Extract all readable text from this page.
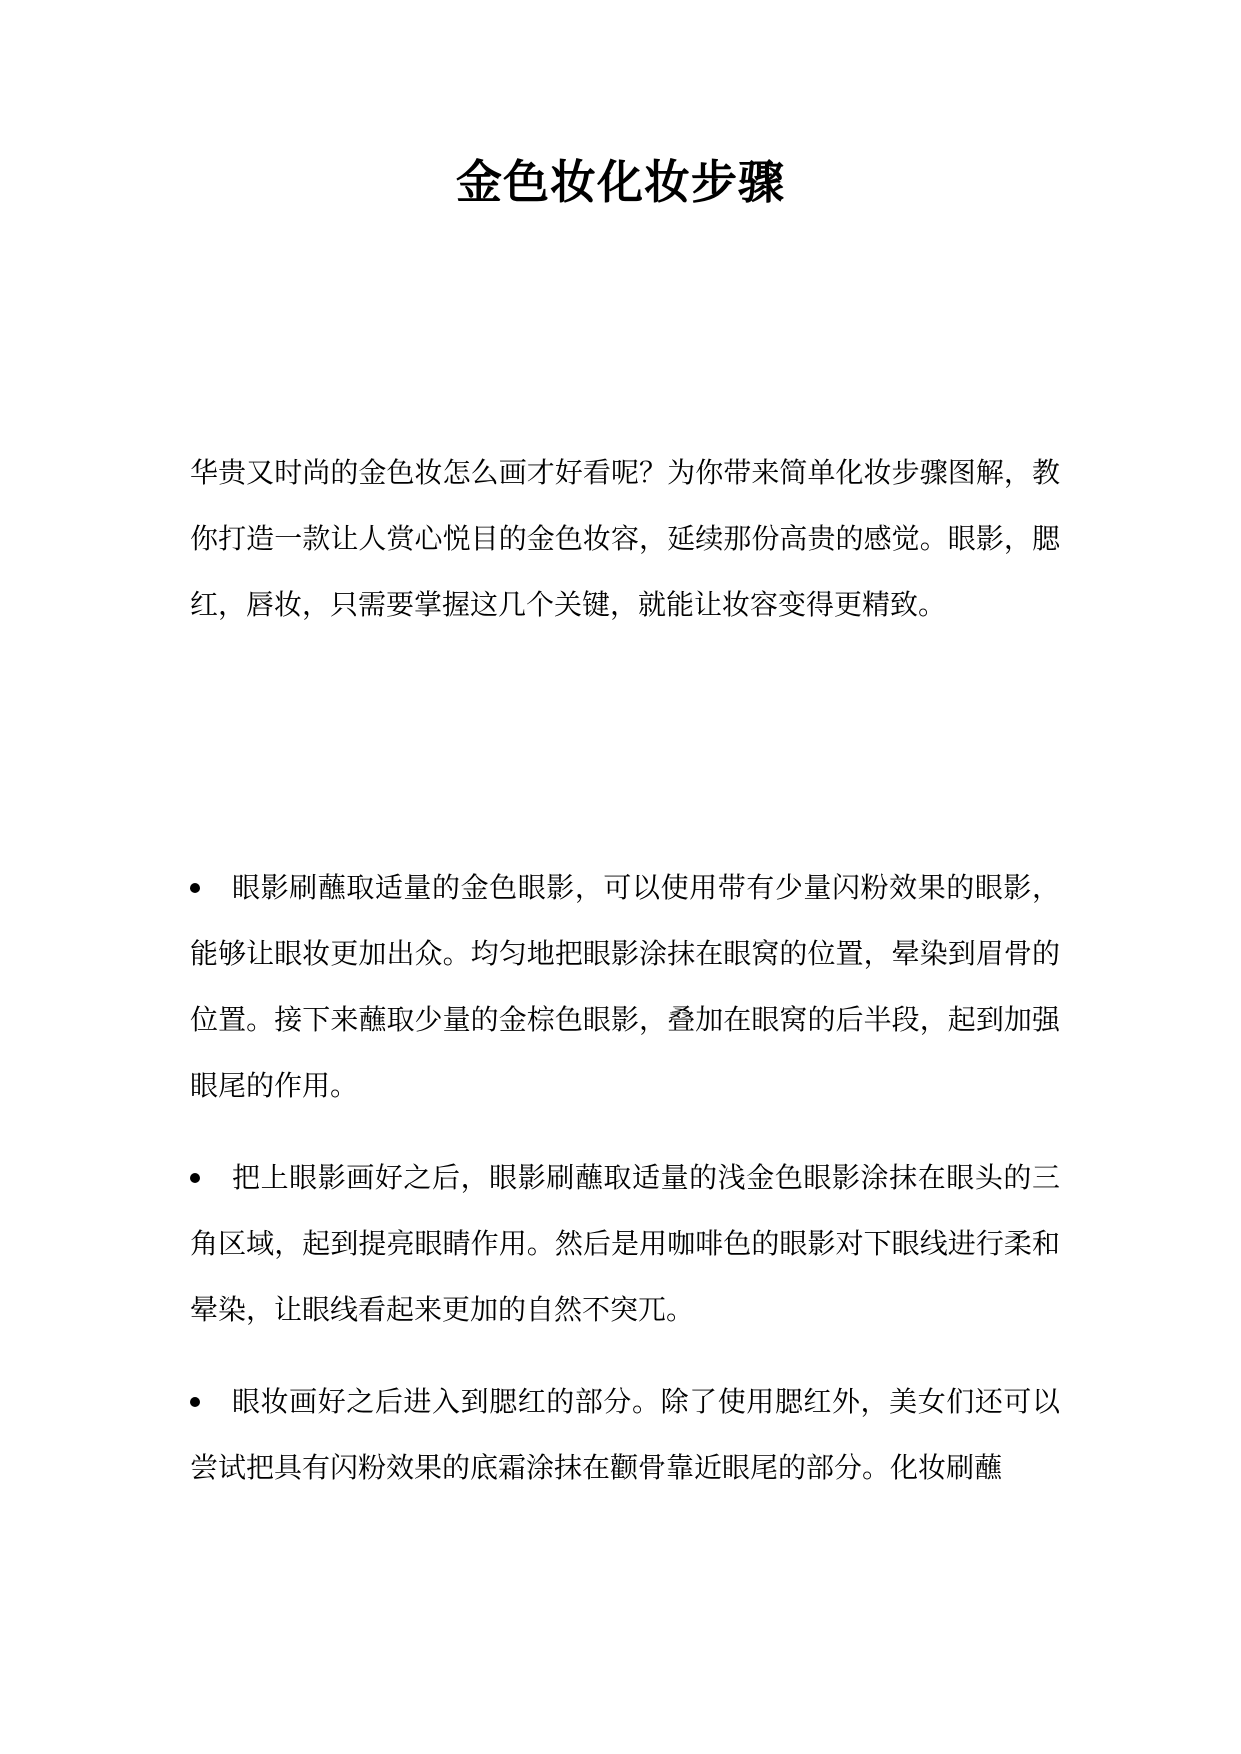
金色妆化妆步骤

华贵又时尚的金色妆怎么画才好看呢？为你带来简单化妆步骤图解，教你打造一款让人赏心悦目的金色妆容，延续那份高贵的感觉。眼影，腮红，唇妆，只需要掌握这几个关键，就能让妆容变得更精致。

眼影刷蘸取适量的金色眼影，可以使用带有少量闪粉效果的眼影，能够让眼妆更加出众。均匀地把眼影涂抹在眼窝的位置，晕染到眉骨的位置。接下来蘸取少量的金棕色眼影，叠加在眼窝的后半段，起到加强眼尾的作用。
把上眼影画好之后，眼影刷蘸取适量的浅金色眼影涂抹在眼头的三角区域，起到提亮眼睛作用。然后是用咖啡色的眼影对下眼线进行柔和晕染，让眼线看起来更加的自然不突兀。
眼妆画好之后进入到腮红的部分。除了使用腮红外，美女们还可以尝试把具有闪粉效果的底霜涂抹在颧骨靠近眼尾的部分。化妆刷蘸
